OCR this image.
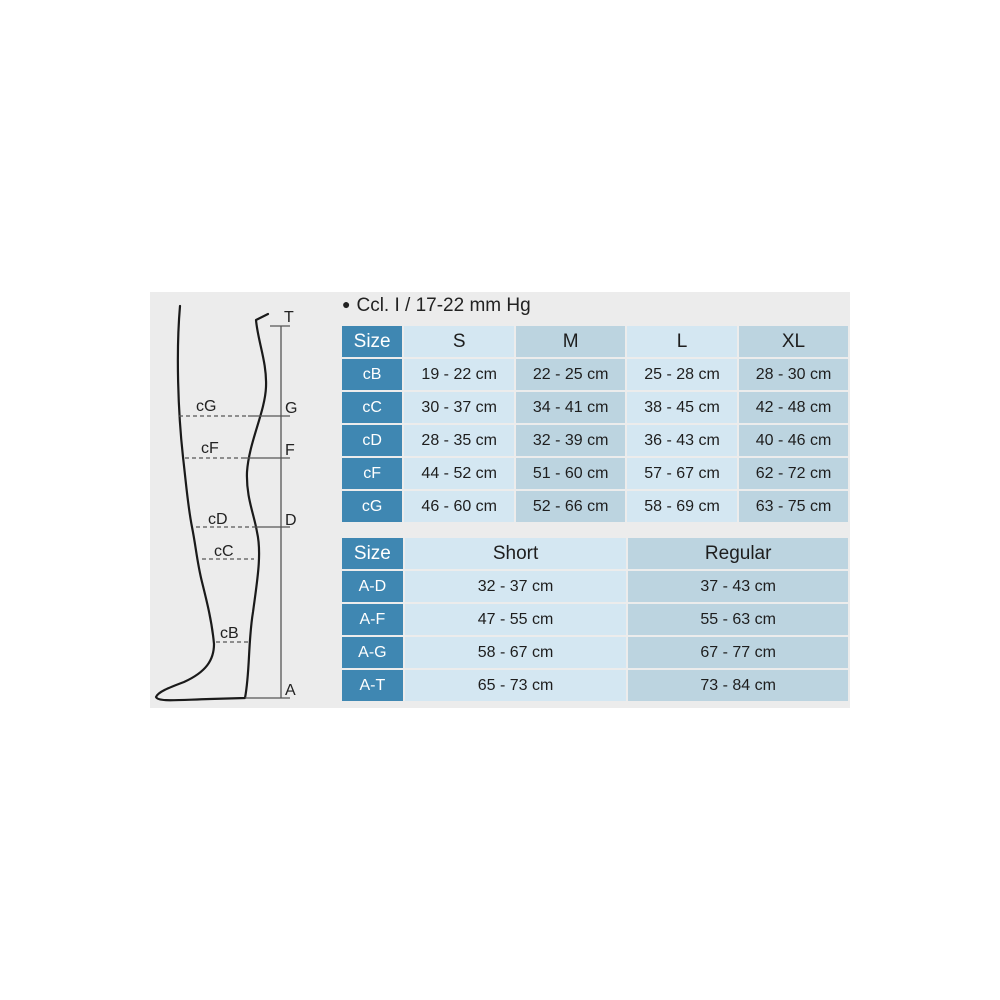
cG
cF
cD
cC
cB
T
G
F
D
A
● Ccl. I / 17-22 mm Hg
Size	S	M	L	XL
cB	19 - 22 cm	22 - 25 cm	25 - 28 cm	28 - 30 cm
cC	30 - 37 cm	34 - 41 cm	38 - 45 cm	42 - 48 cm
cD	28 - 35 cm	32 - 39 cm	36 - 43 cm	40 - 46 cm
cF	44 - 52 cm	51 - 60 cm	57 - 67 cm	62 - 72 cm
cG	46 - 60 cm	52 - 66 cm	58 - 69 cm	63 - 75 cm
Size	Short	Regular
A-D	32 - 37 cm	37 - 43 cm
A-F	47 - 55 cm	55 - 63 cm
A-G	58 - 67 cm	67 - 77 cm
A-T	65 - 73 cm	73 - 84 cm
